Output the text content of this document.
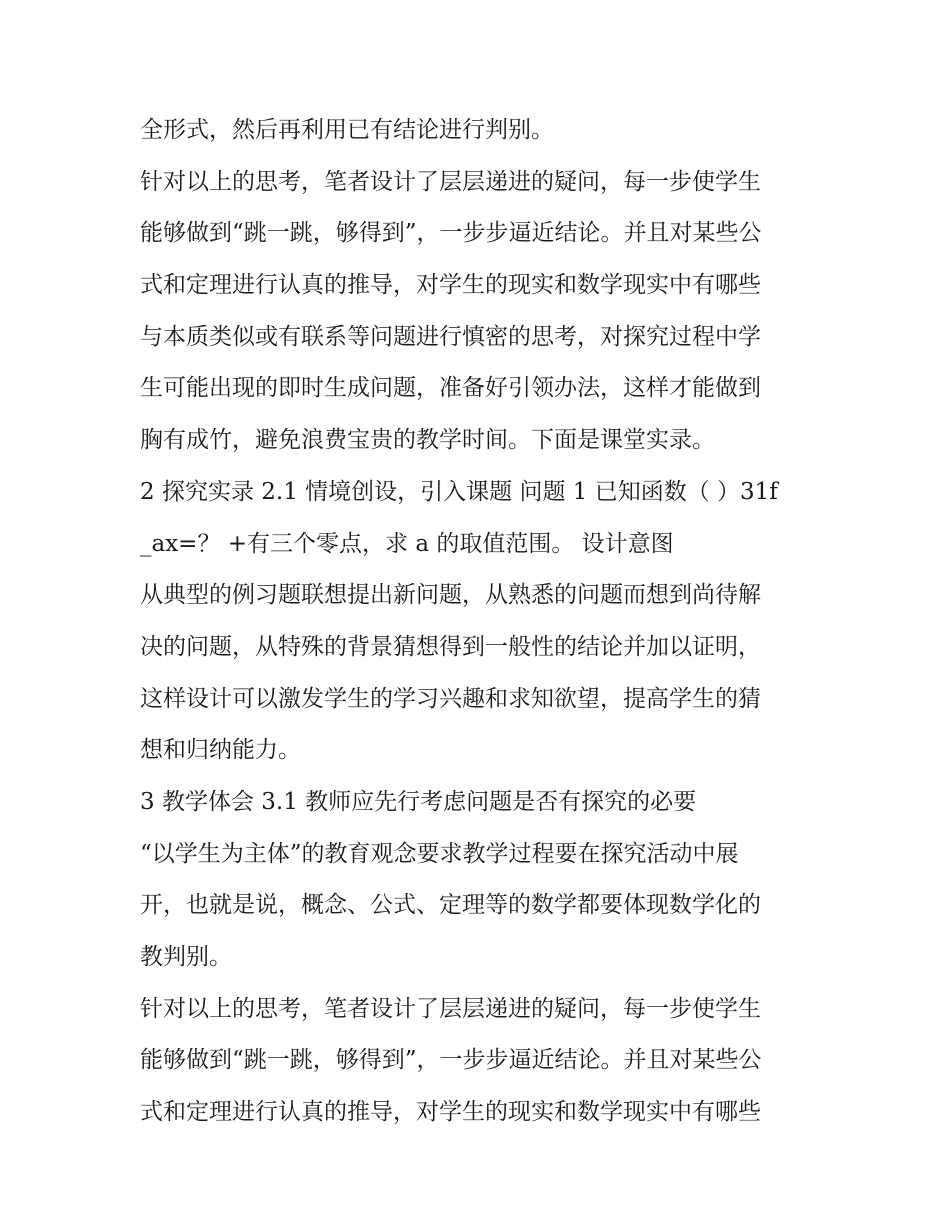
全形式，然后再利用已有结论进行判别。
针对以上的思考，笔者设计了层层递进的疑问，每一步使学生
能够做到“跳一跳，够得到”，一步步逼近结论。并且对某些公
式和定理进行认真的推导，对学生的现实和数学现实中有哪些
与本质类似或有联系等问题进行慎密的思考，对探究过程中学
生可能出现的即时生成问题，准备好引领办法，这样才能做到
胸有成竹，避免浪费宝贵的教学时间。下面是课堂实录。
2 探究实录 2.1 情境创设，引入课题 问题 1 已知函数（ ）31f
_ax=？ +有三个零点，求 a 的取值范围。 设计意图
从典型的例习题联想提出新问题，从熟悉的问题而想到尚待解
决的问题，从特殊的背景猜想得到一般性的结论并加以证明，
这样设计可以激发学生的学习兴趣和求知欲望，提高学生的猜
想和归纳能力。
3 教学体会 3.1 教师应先行考虑问题是否有探究的必要
“以学生为主体”的教育观念要求教学过程要在探究活动中展
开，也就是说，概念、公式、定理等的数学都要体现数学化的
教判别。
针对以上的思考，笔者设计了层层递进的疑问，每一步使学生
能够做到“跳一跳，够得到”，一步步逼近结论。并且对某些公
式和定理进行认真的推导，对学生的现实和数学现实中有哪些
